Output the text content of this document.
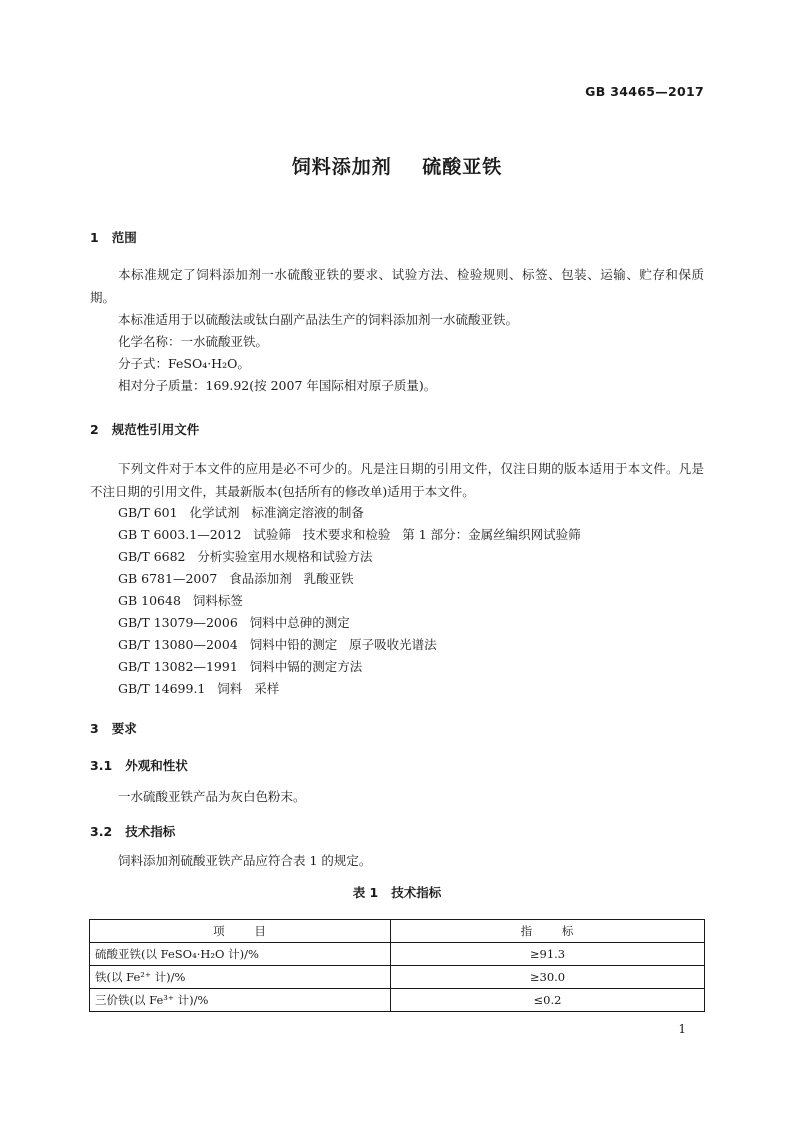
GB 34465—2017
饲料添加剂    硫酸亚铁
1   范围
本标准规定了饲料添加剂一水硫酸亚铁的要求、试验方法、检验规则、标签、包装、运输、贮存和保质期。
本标准适用于以硫酸法或钛白副产品法生产的饲料添加剂一水硫酸亚铁。
化学名称：一水硫酸亚铁。
分子式：FeSO₄·H₂O。
相对分子质量：169.92(按 2007 年国际相对原子质量)。
2   规范性引用文件
下列文件对于本文件的应用是必不可少的。凡是注日期的引用文件，仅注日期的版本适用于本文件。凡是不注日期的引用文件，其最新版本(包括所有的修改单)适用于本文件。
GB/T 601   化学试剂   标准滴定溶液的制备
GB T 6003.1—2012   试验筛   技术要求和检验   第 1 部分：金属丝编织网试验筛
GB/T 6682   分析实验室用水规格和试验方法
GB 6781—2007   食品添加剂   乳酸亚铁
GB 10648   饲料标签
GB/T 13079—2006   饲料中总砷的测定
GB/T 13080—2004   饲料中铅的测定   原子吸收光谱法
GB/T 13082—1991   饲料中镉的测定方法
GB/T 14699.1   饲料   采样
3   要求
3.1   外观和性状
一水硫酸亚铁产品为灰白色粉末。
3.2   技术指标
饲料添加剂硫酸亚铁产品应符合表 1 的规定。
表 1   技术指标
项 目	指 标
硫酸亚铁(以 FeSO₄·H₂O 计)/%	≥91.3
铁(以 Fe²⁺ 计)/%	≥30.0
三价铁(以 Fe³⁺ 计)/%	≤0.2
1
